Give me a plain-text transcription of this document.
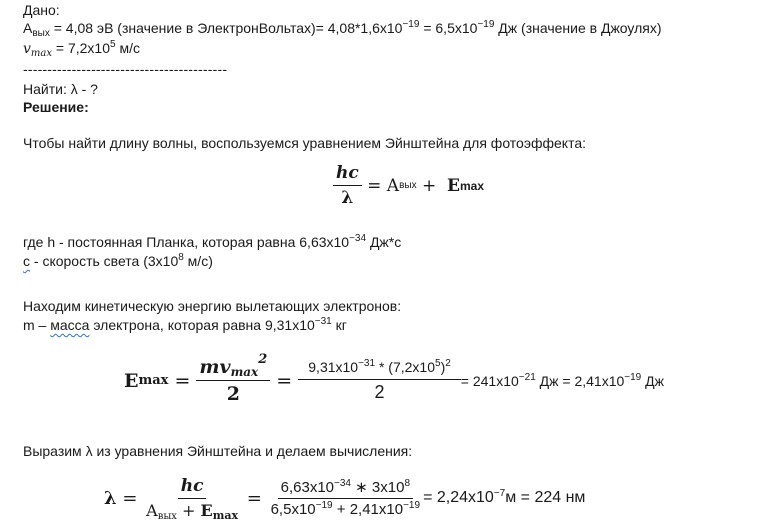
Дано:
$A_{вых} = 4,08$ эВ (значение в ЭлектронВольтах)= $4,08*1,6x10^{-19} = 6,5x10^{-19}$ Дж (значение в Джоулях)
$v_{max} = 7,2x10^5$ м/с
------------------------------------------
Найти: λ - ?
Решение:
Чтобы найти длину волны, воспользуемся уравнением Эйнштейна для фотоэффекта:
$\frac{hc}{\lambda} = A$ вых + E max
где h - постоянная Планка, которая равна $6,63x10^{-34}$ Дж*с
c - скорость света ($3x10^8$ м/с)
Находим кинетическую энергию вылетающих электронов:
m – масса электрона, которая равна $9,31x10^{-31}$ кг
E $\max = \frac{mv_{max}^2}{2} = \frac{9,31x10^{-31} * (7,2x10^5)^2}{2} = 241x10^{-21}$ Дж = $2,41x10^{-19}$ Дж
Выразим λ из уравнения Эйнштейна и делаем вычисления:
$\lambda = \frac{hc}{A_{вых} + E_{max}} = \frac{6,63x10^{-34} ∗ 3x10^8}{6,5x10^{-19} + 2,41x10^{-19}} = 2,24x10^{-7}м = 224$ нм
